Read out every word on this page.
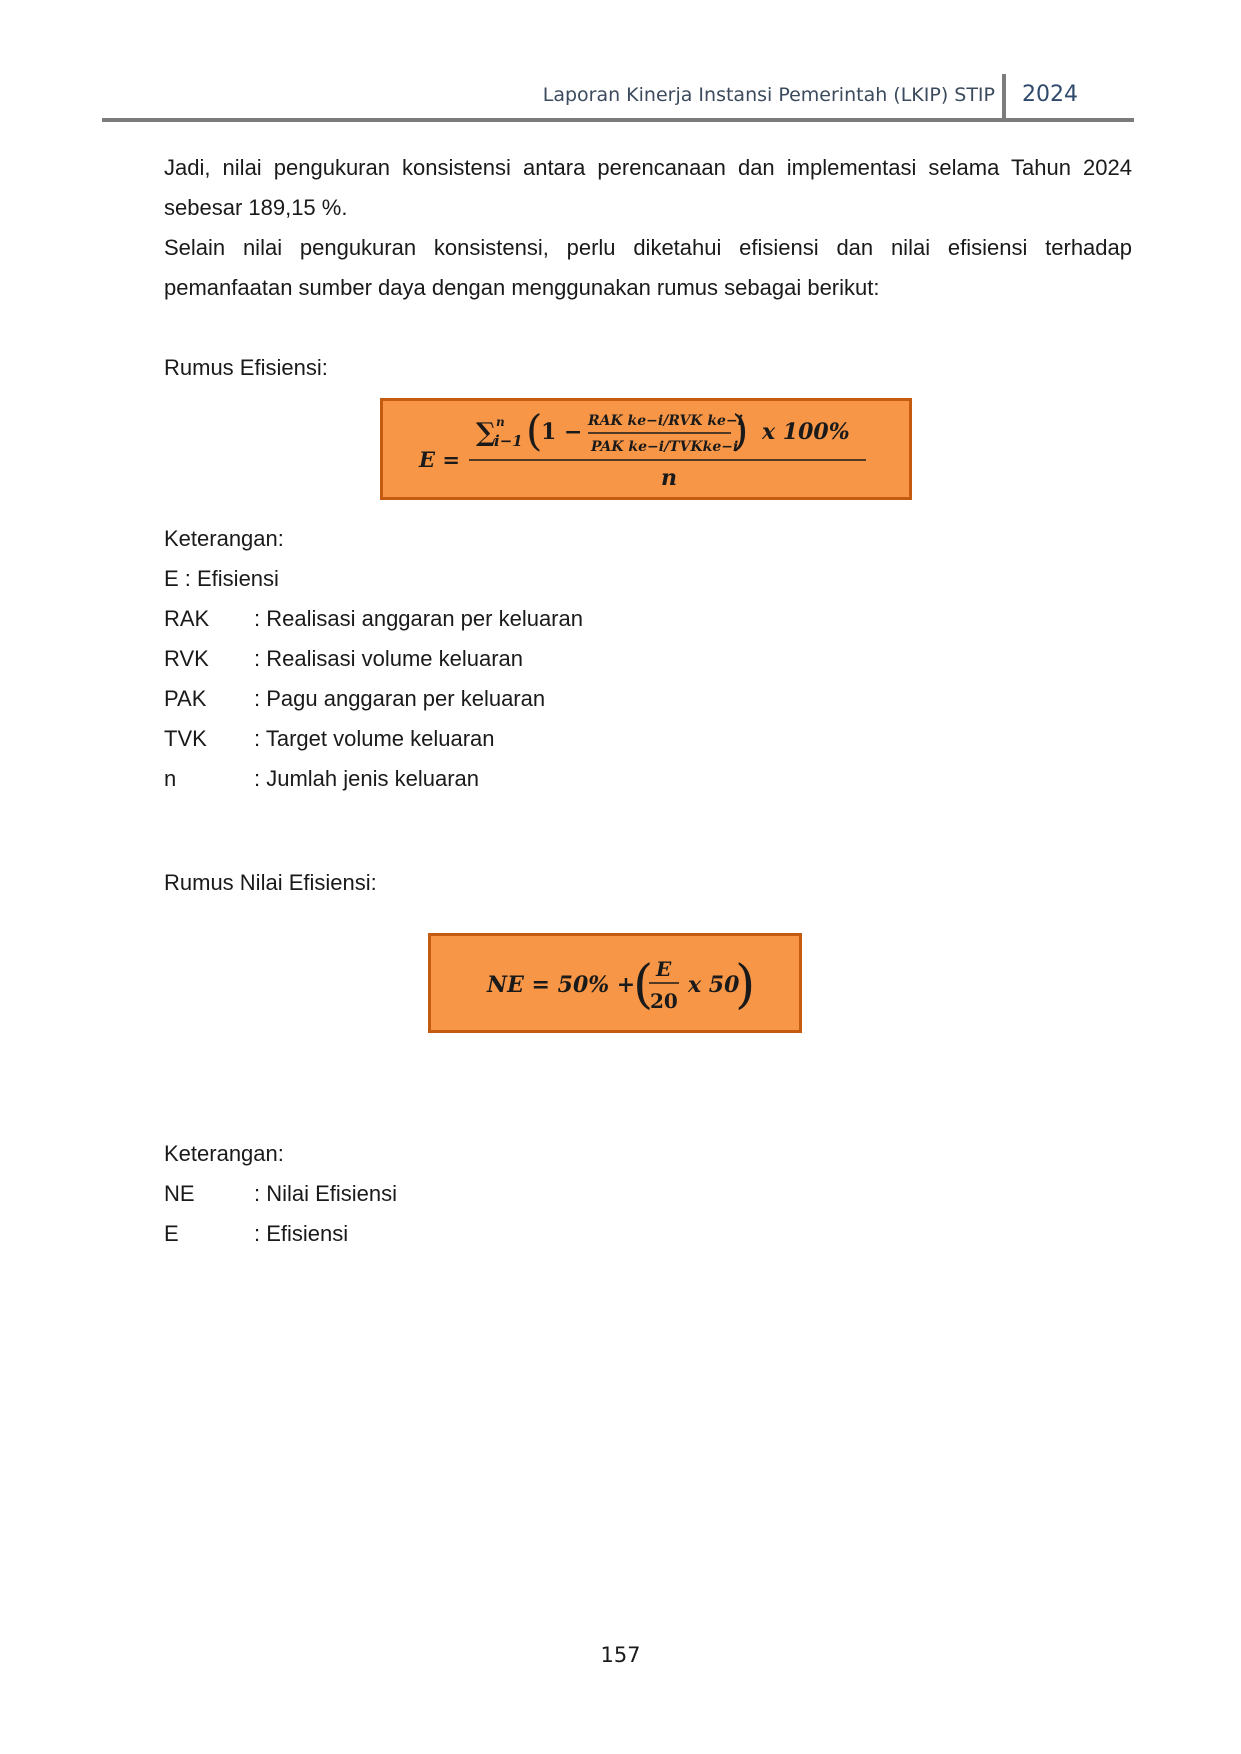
Laporan Kinerja Instansi Pemerintah (LKIP) STIP 2024
Jadi, nilai pengukuran konsistensi antara perencanaan dan implementasi selama Tahun 2024
sebesar 189,15 %.
Selain nilai pengukuran konsistensi, perlu diketahui efisiensi dan nilai efisiensi terhadap
pemanfaatan sumber daya dengan menggunakan rumus sebagai berikut:
Rumus Efisiensi:
E =
∑ n
i−1 (
1 − RAK ke−i/RVK ke−i
PAK ke−i/TVKke−i
) x 100%
n
Keterangan:
E : Efisiensi
RAK : Realisasi anggaran per keluaran
RVK : Realisasi volume keluaran
PAK : Pagu anggaran per keluaran
TVK : Target volume keluaran
n	: Jumlah jenis keluaran
Rumus Nilai Efisiensi:
NE = 50% +
( E
20
x 50
)
Keterangan:
NE	: Nilai Efisiensi
E	: Efisiensi
157
